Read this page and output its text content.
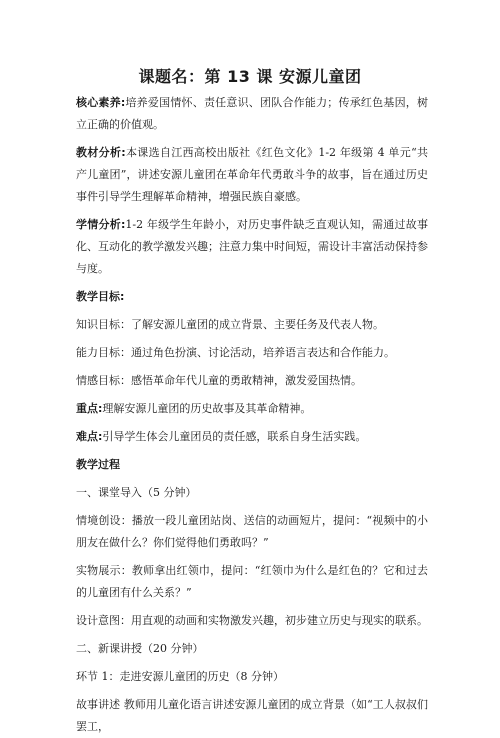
课题名：第 13 课 安源儿童团

核心素养:培养爱国情怀、责任意识、团队合作能力；传承红色基因，树立正确的价值观。

教材分析:本课选自江西高校出版社《红色文化》1-2 年级第 4 单元“共产儿童团”，讲述安源儿童团在革命年代勇敢斗争的故事，旨在通过历史事件引导学生理解革命精神，增强民族自豪感。

学情分析:1-2 年级学生年龄小，对历史事件缺乏直观认知，需通过故事化、互动化的教学激发兴趣；注意力集中时间短，需设计丰富活动保持参与度。

教学目标:

知识目标：了解安源儿童团的成立背景、主要任务及代表人物。

能力目标：通过角色扮演、讨论活动，培养语言表达和合作能力。

情感目标：感悟革命年代儿童的勇敢精神，激发爱国热情。

重点:理解安源儿童团的历史故事及其革命精神。

难点:引导学生体会儿童团员的责任感，联系自身生活实践。

教学过程

一、课堂导入（5 分钟）

情境创设：播放一段儿童团站岗、送信的动画短片，提问：“视频中的小朋友在做什么？你们觉得他们勇敢吗？”

实物展示：教师拿出红领巾，提问：“红领巾为什么是红色的？它和过去的儿童团有什么关系？”

设计意图：用直观的动画和实物激发兴趣，初步建立历史与现实的联系。

二、新课讲授（20 分钟）

环节 1：走进安源儿童团的历史（8 分钟）

故事讲述 教师用儿童化语言讲述安源儿童团的成立背景（如“工人叔叔们罢工，
